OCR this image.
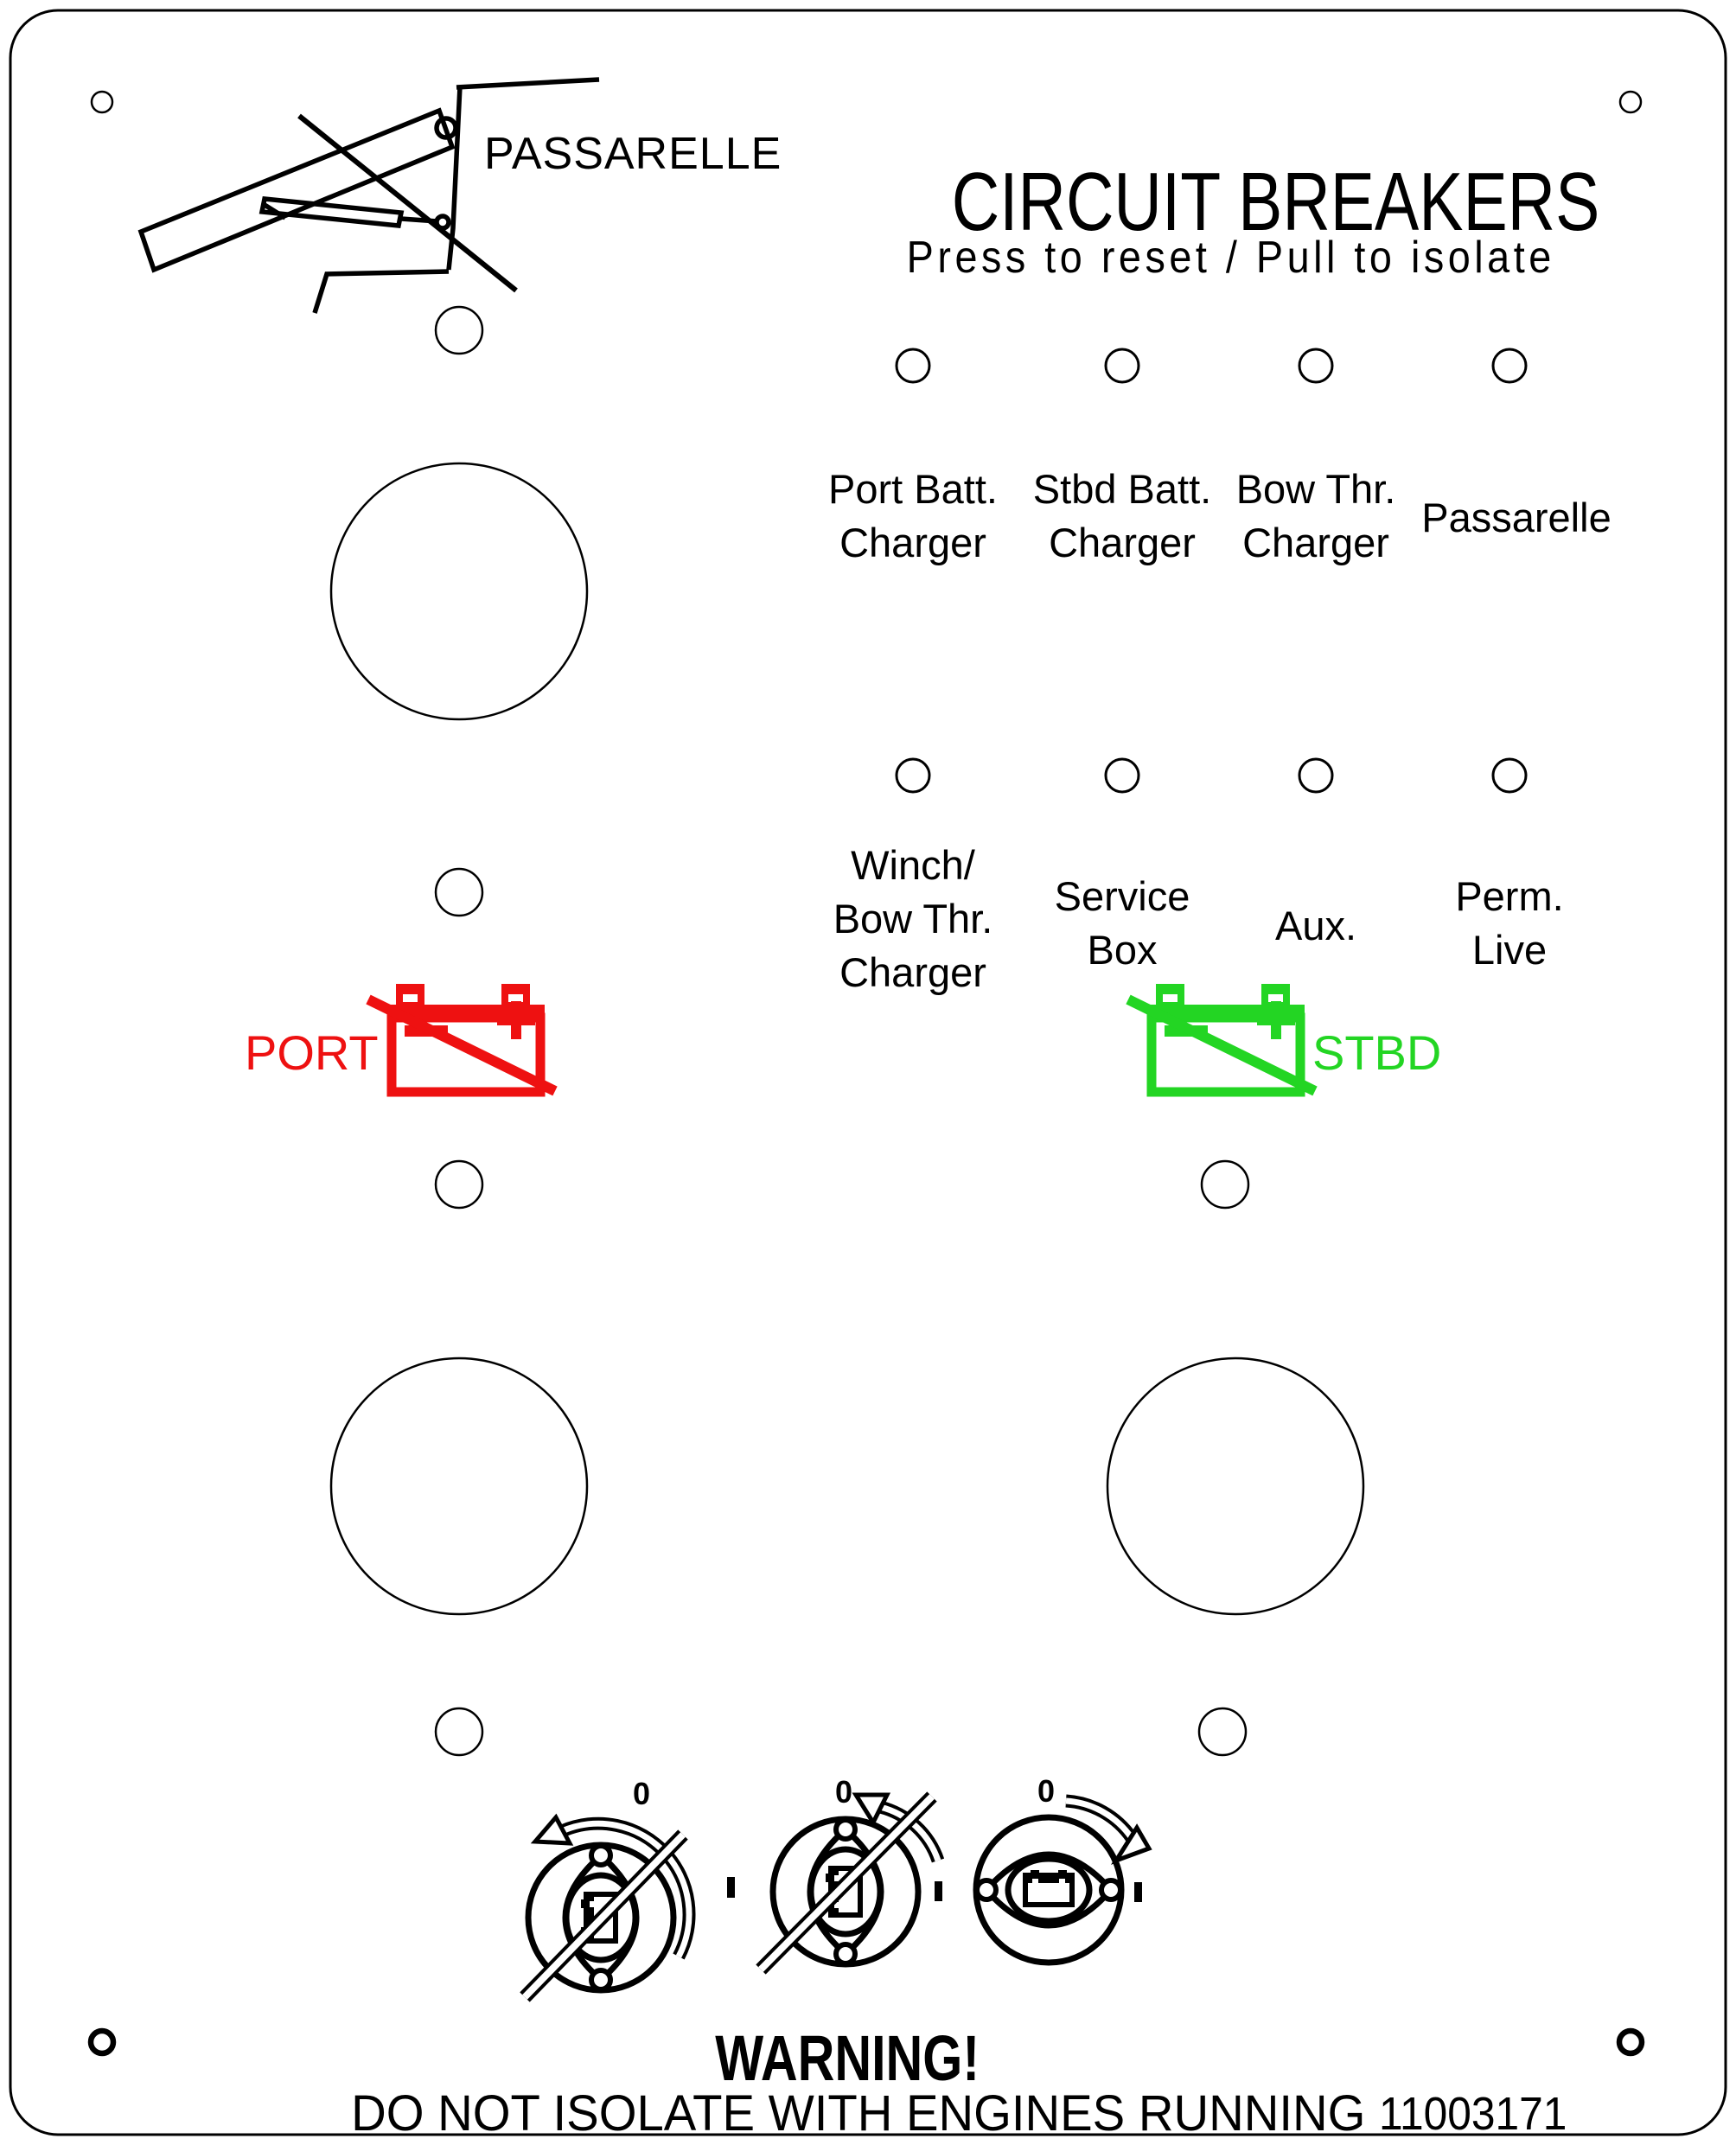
PASSARELLE
CIRCUIT BREAKERS
Press to reset / Pull to isolate
Port Batt.
Charger
Stbd Batt.
Charger
Bow Thr.
Charger
Passarelle
Winch/
Bow Thr.
Charger
Service
Box
Aux.
Perm.
Live
PORT	STBD
0	0	0
WARNING!
DO NOT ISOLATE WITH ENGINES RUNNING 11003171
